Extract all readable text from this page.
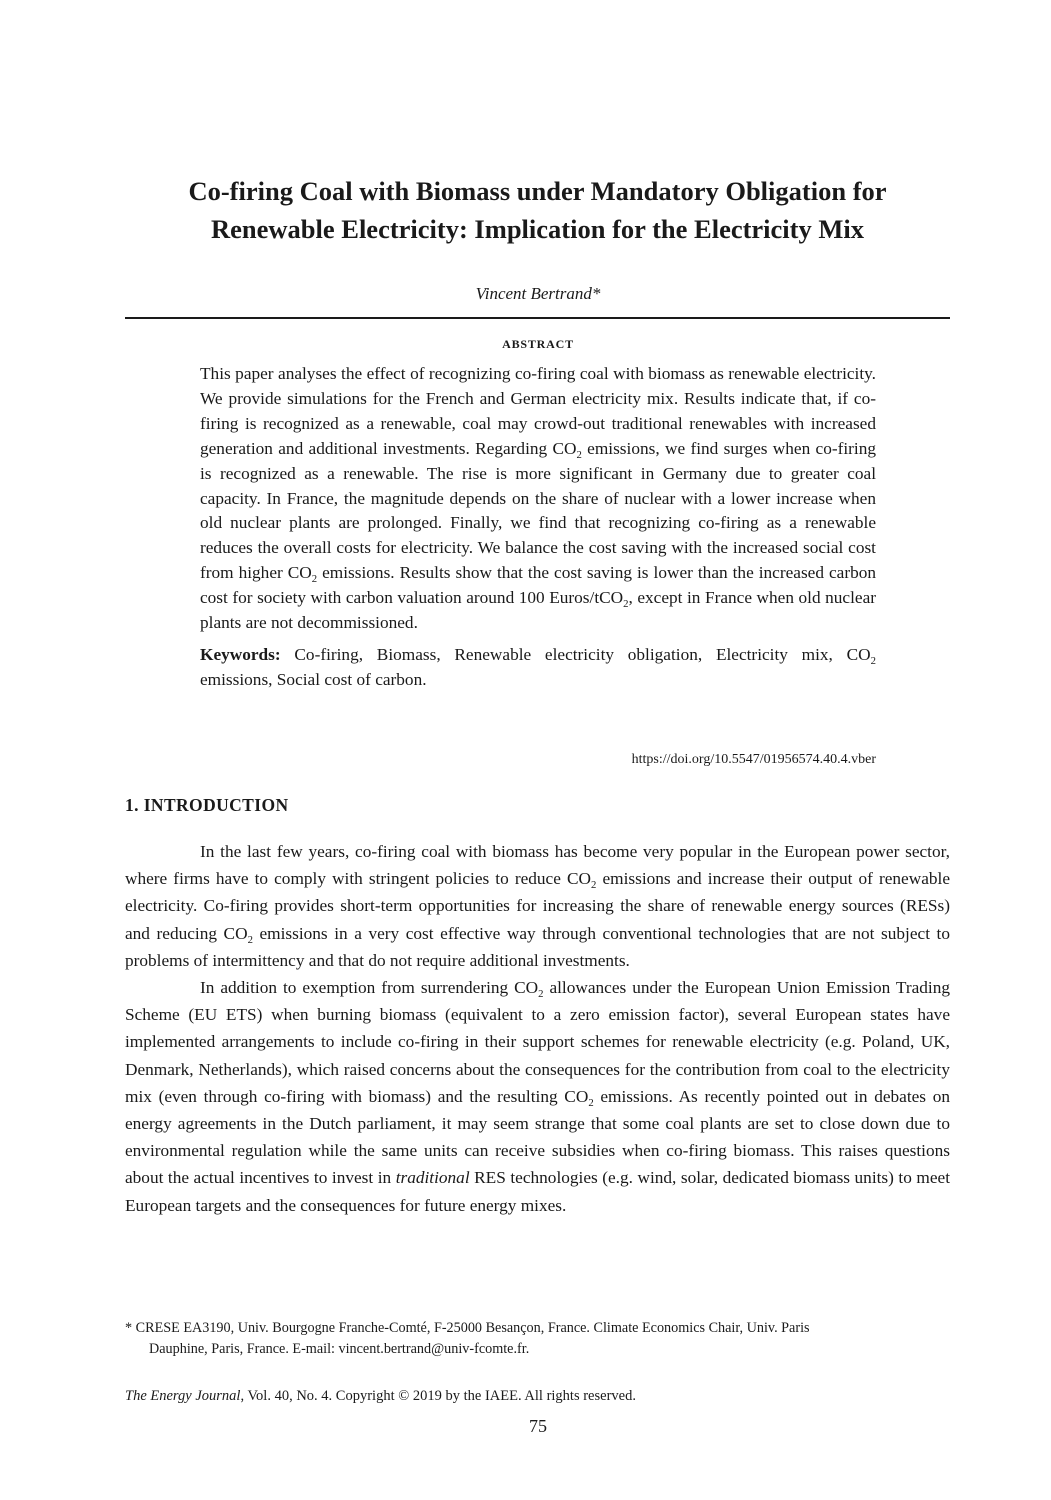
Co-firing Coal with Biomass under Mandatory Obligation for
Renewable Electricity: Implication for the Electricity Mix
Vincent Bertrand*
ABSTRACT

This paper analyses the effect of recognizing co-firing coal with biomass as renewable electricity. We provide simulations for the French and German electricity mix. Results indicate that, if co-firing is recognized as a renewable, coal may crowd-out traditional renewables with increased generation and additional investments. Regarding $CO_2$ emissions, we find surges when co-firing is recognized as a renewable. The rise is more significant in Germany due to greater coal capacity. In France, the magnitude depends on the share of nuclear with a lower increase when old nuclear plants are prolonged. Finally, we find that recognizing co-firing as a renewable reduces the overall costs for electricity. We balance the cost saving with the increased social cost from higher $CO_2$ emissions. Results show that the cost saving is lower than the increased carbon cost for society with carbon valuation around 100 Euros/tCO$_2$, except in France when old nuclear plants are not decommissioned.

Keywords: Co-firing, Biomass, Renewable electricity obligation, Electricity mix, $CO_2$ emissions, Social cost of carbon.

https://doi.org/10.5547/01956574.40.4.vber
1. INTRODUCTION

In the last few years, co-firing coal with biomass has become very popular in the European power sector, where firms have to comply with stringent policies to reduce $CO_2$ emissions and increase their output of renewable electricity. Co-firing provides short-term opportunities for increasing the share of renewable energy sources (RESs) and reducing $CO_2$ emissions in a very cost effective way through conventional technologies that are not subject to problems of intermittency and that do not require additional investments.

In addition to exemption from surrendering $CO_2$ allowances under the European Union Emission Trading Scheme (EU ETS) when burning biomass (equivalent to a zero emission factor), several European states have implemented arrangements to include co-firing in their support schemes for renewable electricity (e.g. Poland, UK, Denmark, Netherlands), which raised concerns about the consequences for the contribution from coal to the electricity mix (even through co-firing with biomass) and the resulting $CO_2$ emissions. As recently pointed out in debates on energy agreements in the Dutch parliament, it may seem strange that some coal plants are set to close down due to environmental regulation while the same units can receive subsidies when co-firing biomass. This raises questions about the actual incentives to invest in traditional RES technologies (e.g. wind, solar, dedicated biomass units) to meet European targets and the consequences for future energy mixes.

* CRESE EA3190, Univ. Bourgogne Franche-Comté, F-25000 Besançon, France. Climate Economics Chair, Univ. Paris
Dauphine, Paris, France. E-mail: vincent.bertrand@univ-fcomte.fr.
The Energy Journal, Vol. 40, No. 4. Copyright © 2019 by the IAEE. All rights reserved.
75
